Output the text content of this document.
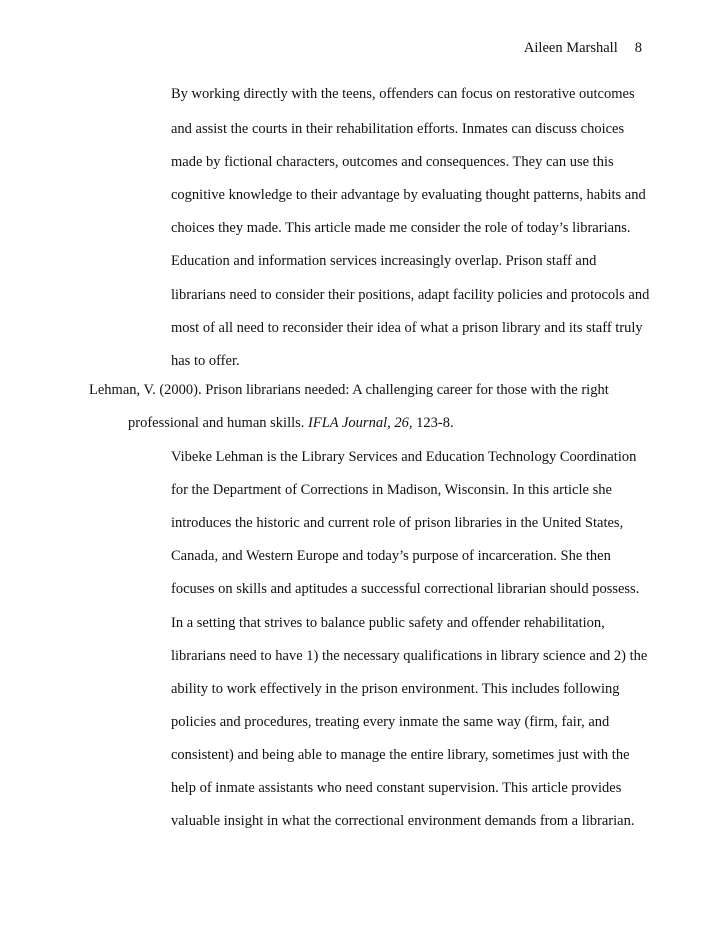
Aileen Marshall 8
By working directly with the teens, offenders can focus on restorative outcomes
and assist the courts in their rehabilitation efforts. Inmates can discuss choices
made by fictional characters, outcomes and consequences. They can use this
cognitive knowledge to their advantage by evaluating thought patterns, habits and
choices they made. This article made me consider the role of today’s librarians.
Education and information services increasingly overlap. Prison staff and
librarians need to consider their positions, adapt facility policies and protocols and
most of all need to reconsider their idea of what a prison library and its staff truly
has to offer.
Lehman, V. (2000). Prison librarians needed: A challenging career for those with the right
professional and human skills. IFLA Journal, 26, 123-8.
Vibeke Lehman is the Library Services and Education Technology Coordination
for the Department of Corrections in Madison, Wisconsin. In this article she
introduces the historic and current role of prison libraries in the United States,
Canada, and Western Europe and today’s purpose of incarceration. She then
focuses on skills and aptitudes a successful correctional librarian should possess.
In a setting that strives to balance public safety and offender rehabilitation,
librarians need to have 1) the necessary qualifications in library science and 2) the
ability to work effectively in the prison environment. This includes following
policies and procedures, treating every inmate the same way (firm, fair, and
consistent) and being able to manage the entire library, sometimes just with the
help of inmate assistants who need constant supervision. This article provides
valuable insight in what the correctional environment demands from a librarian.
